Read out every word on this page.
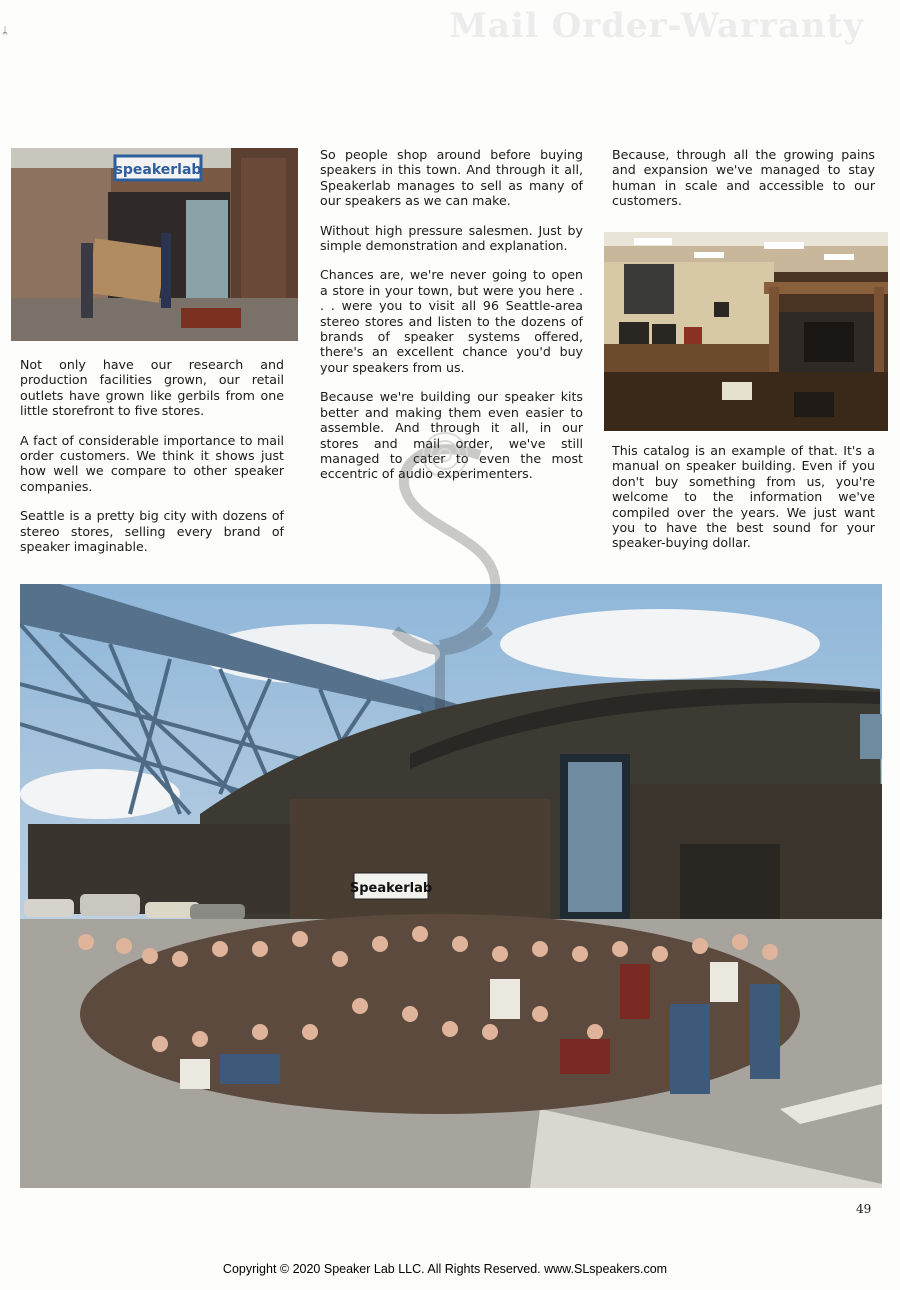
Mail Order-Warranty
ᛦ
speakerlab

Not only have our research and production facilities grown, our retail outlets have grown like gerbils from one little storefront to five stores.

A fact of considerable importance to mail order customers. We think it shows just how well we compare to other speaker companies.

Seattle is a pretty big city with dozens of stereo stores, selling every brand of speaker imaginable.

So people shop around before buying speakers in this town. And through it all, Speakerlab manages to sell as many of our speakers as we can make.

Without high pressure salesmen. Just by simple demonstration and explanation.

Chances are, we're never going to open a store in your town, but were you here . . . were you to visit all 96 Seattle-area stereo stores and listen to the dozens of brands of speaker systems offered, there's an excellent chance you'd buy your speakers from us.

Because we're building our speaker kits better and making them even easier to assemble. And through it all, in our stores and mail order, we've still managed to cater to even the most eccentric of audio experimenters.

Because, through all the growing pains and expansion we've managed to stay human in scale and accessible to our customers.

This catalog is an example of that. It's a manual on speaker building. Even if you don't buy something from us, you're welcome to the information we've compiled over the years. We just want you to have the best sound for your speaker-buying dollar.

Speakerlab
49
Copyright © 2020 Speaker Lab LLC. All Rights Reserved. www.SLspeakers.com
